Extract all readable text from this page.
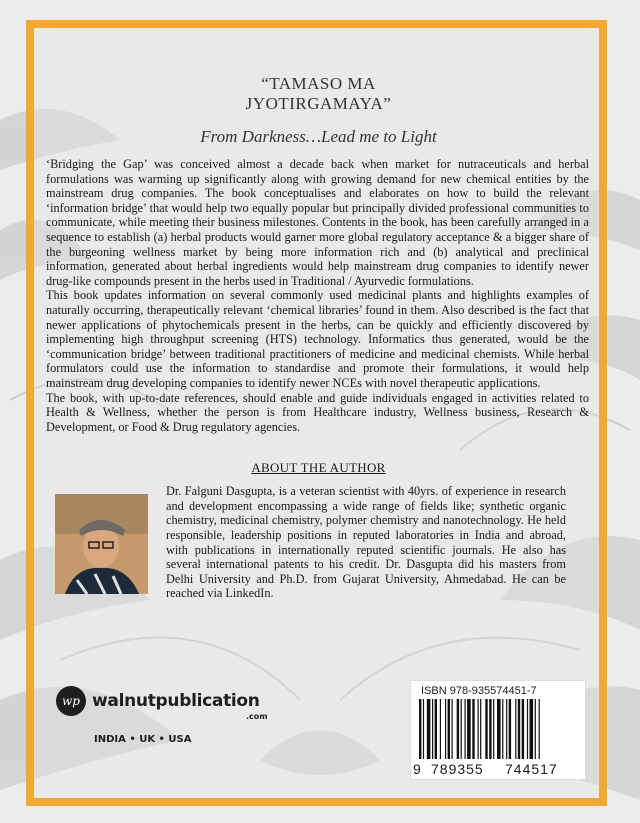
“TAMASO MA
JYOTIRGAMAYA”
From Darkness…Lead me to Light

‘Bridging the Gap’ was conceived almost a decade back when market for nutraceuticals and herbal formulations was warming up significantly along with growing demand for new chemical entities by the mainstream drug companies. The book conceptualises and elaborates on how to build the relevant ‘information bridge’ that would help two equally popular but principally divided professional communities to communicate, while meeting their business milestones. Contents in the book, has been carefully arranged in a sequence to establish (a) herbal products would garner more global regulatory acceptance & a bigger share of the burgeoning wellness market by being more information rich and (b) analytical and preclinical information, generated about herbal ingredients would help mainstream drug companies to identify newer drug-like compounds present in the herbs used in Traditional / Ayurvedic formulations.

This book updates information on several commonly used medicinal plants and highlights examples of naturally occurring, therapeutically relevant ‘chemical libraries’ found in them. Also described is the fact that newer applications of phytochemicals present in the herbs, can be quickly and efficiently discovered by implementing high throughput screening (HTS) technology. Informatics thus generated, would be the ‘communication bridge’ between traditional practitioners of medicine and medicinal chemists. While herbal formulators could use the information to standardise and promote their formulations, it would help mainstream drug developing companies to identify newer NCEs with novel therapeutic applications.

The book, with up-to-date references, should enable and guide individuals engaged in activities related to Health & Wellness, whether the person is from Healthcare industry, Wellness business, Research & Development, or Food & Drug regulatory agencies.

ABOUT THE AUTHOR
Dr. Falguni Dasgupta, is a veteran scientist with 40yrs. of experience in research and development encompassing a wide range of fields like; synthetic organic chemistry, medicinal chemistry, polymer chemistry and nanotechnology. He held responsible, leadership positions in reputed laboratories in India and abroad, with publications in internationally reputed scientific journals. He also has several international patents to his credit. Dr. Dasgupta did his masters from Delhi University and Ph.D. from Gujarat University, Ahmedabad. He can be reached via LinkedIn.
wp walnutpublication
.com
INDIA • UK • USA
ISBN 978-935574451-7
9 789355 744517
